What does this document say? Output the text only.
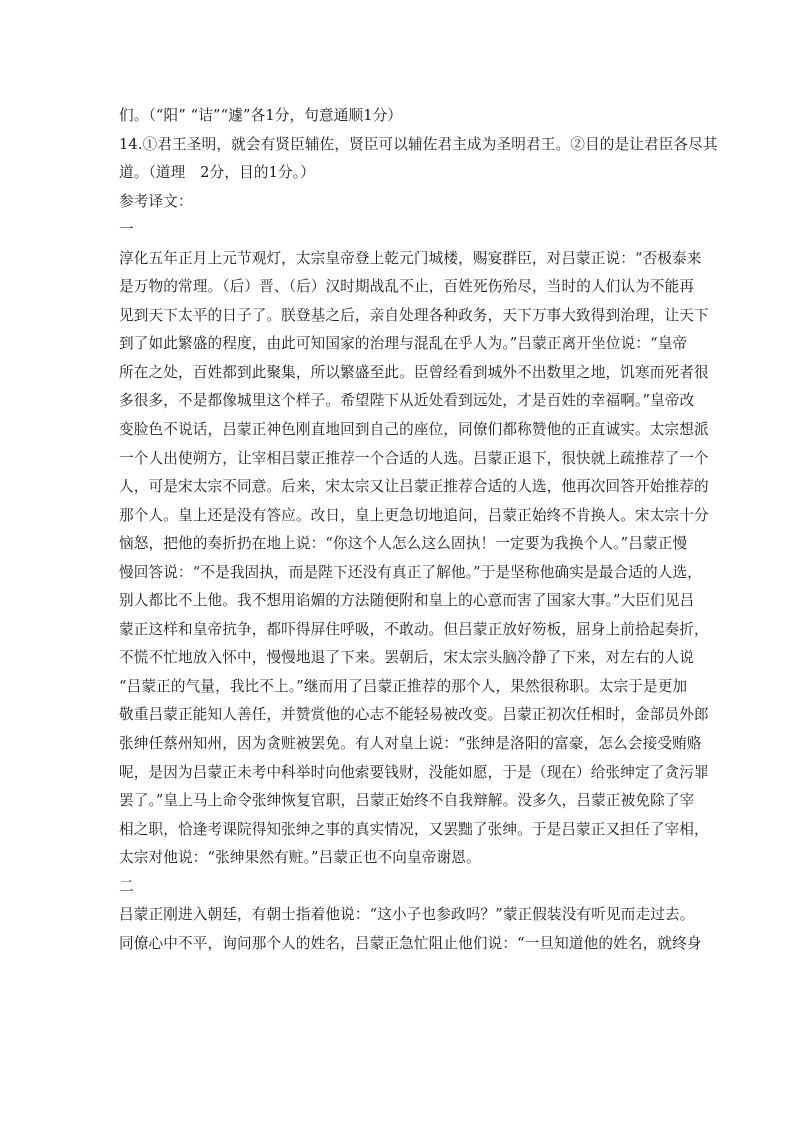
们。（“阳” “诘”“遽”各1分，句意通顺1分）
14.①君王圣明，就会有贤臣辅佐，贤臣可以辅佐君主成为圣明君王。②目的是让君臣各尽其
道。（道理　2分，目的1分。）
参考译文：
一
淳化五年正月上元节观灯，太宗皇帝登上乾元门城楼，赐宴群臣，对吕蒙正说：“否极泰来
是万物的常理。（后）晋、（后）汉时期战乱不止，百姓死伤殆尽，当时的人们认为不能再
见到天下太平的日子了。朕登基之后，亲自处理各种政务，天下万事大致得到治理，让天下
到了如此繁盛的程度，由此可知国家的治理与混乱在乎人为。”吕蒙正离开坐位说：“皇帝
所在之处，百姓都到此聚集，所以繁盛至此。臣曾经看到城外不出数里之地，饥寒而死者很
多很多，不是都像城里这个样子。希望陛下从近处看到远处，才是百姓的幸福啊。”皇帝改
变脸色不说话，吕蒙正神色刚直地回到自己的座位，同僚们都称赞他的正直诚实。太宗想派
一个人出使朔方，让宰相吕蒙正推荐一个合适的人选。吕蒙正退下，很快就上疏推荐了一个
人，可是宋太宗不同意。后来，宋太宗又让吕蒙正推荐合适的人选，他再次回答开始推荐的
那个人。皇上还是没有答应。改日，皇上更急切地追问，吕蒙正始终不肯换人。宋太宗十分
恼怒，把他的奏折扔在地上说：“你这个人怎么这么固执！一定要为我换个人。”吕蒙正慢
慢回答说：“不是我固执，而是陛下还没有真正了解他。”于是坚称他确实是最合适的人选，
别人都比不上他。我不想用谄媚的方法随便附和皇上的心意而害了国家大事。”大臣们见吕
蒙正这样和皇帝抗争，都吓得屏住呼吸，不敢动。但吕蒙正放好笏板，屈身上前拾起奏折，
不慌不忙地放入怀中，慢慢地退了下来。罢朝后，宋太宗头脑冷静了下来，对左右的人说
“吕蒙正的气量，我比不上。”继而用了吕蒙正推荐的那个人，果然很称职。太宗于是更加
敬重吕蒙正能知人善任，并赞赏他的心志不能轻易被改变。吕蒙正初次任相时，金部员外郎
张绅任蔡州知州，因为贪赃被罢免。有人对皇上说：“张绅是洛阳的富豪，怎么会接受贿赂
呢，是因为吕蒙正未考中科举时向他索要钱财，没能如愿，于是（现在）给张绅定了贪污罪
罢了。”皇上马上命令张绅恢复官职，吕蒙正始终不自我辩解。没多久，吕蒙正被免除了宰
相之职，恰逢考课院得知张绅之事的真实情况，又罢黜了张绅。于是吕蒙正又担任了宰相，
太宗对他说：“张绅果然有赃。”吕蒙正也不向皇帝谢恩。
二
吕蒙正刚进入朝廷，有朝士指着他说：“这小子也参政吗？”蒙正假装没有听见而走过去。
同僚心中不平，询问那个人的姓名，吕蒙正急忙阻止他们说：“一旦知道他的姓名，就终身
